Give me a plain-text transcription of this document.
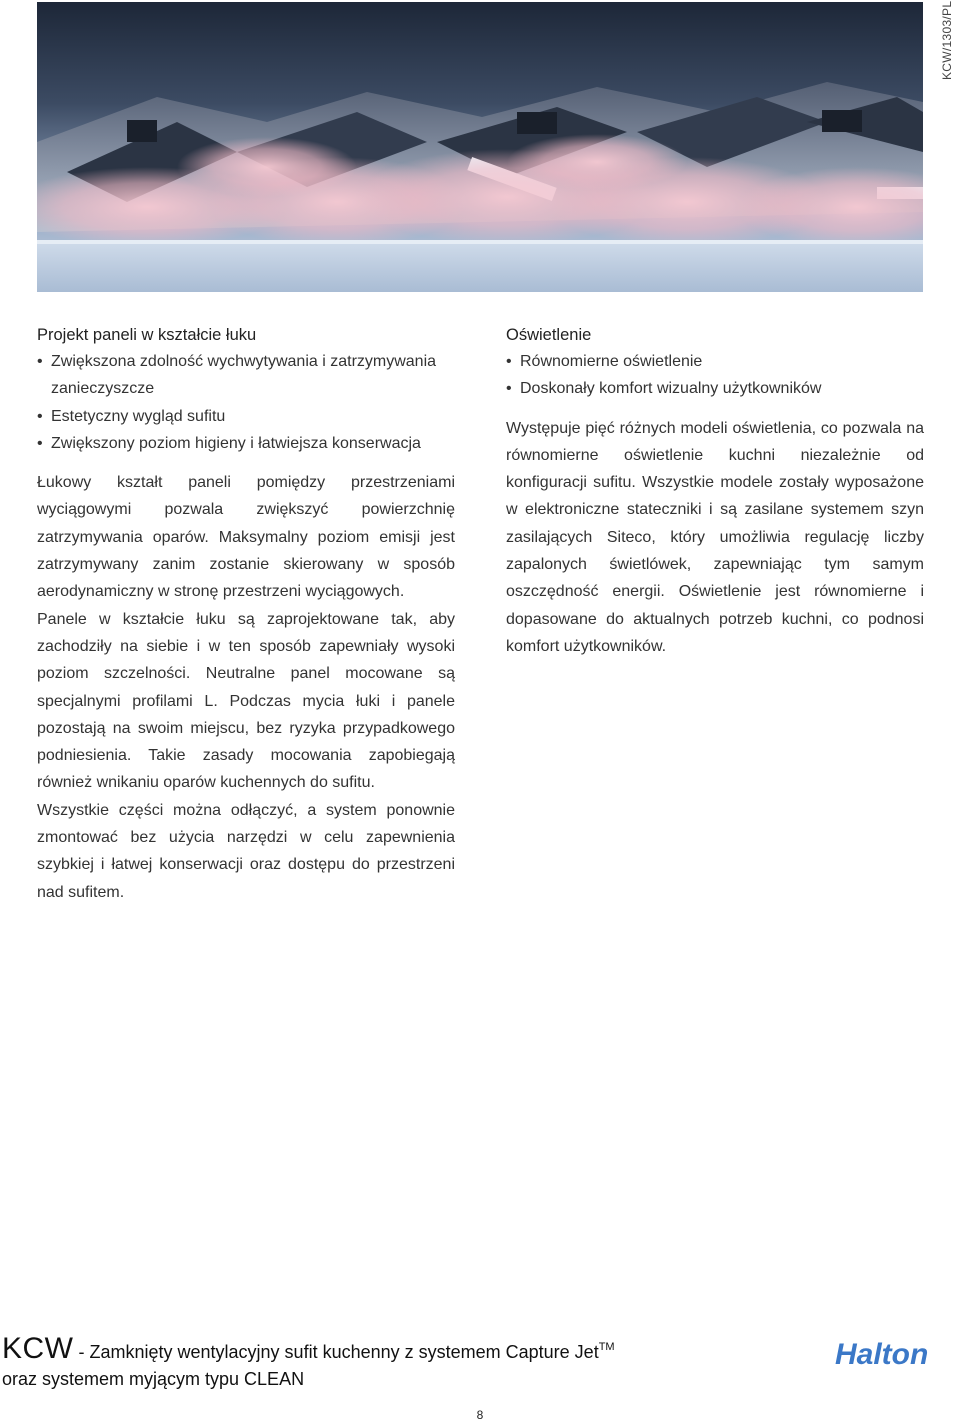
KCW/1303/PL
Projekt paneli w kształcie łuku
• Zwiększona zdolność wychwytywania i zatrzymywania zanieczyszcze
• Estetyczny wygląd sufitu
• Zwiększony poziom higieny i łatwiejsza konserwacja

Łukowy kształt paneli pomiędzy przestrzeniami wyciągowymi pozwala zwiększyć powierzchnię zatrzymywania oparów. Maksymalny poziom emisji jest zatrzymywany zanim zostanie skierowany w sposób aerodynamiczny w stronę przestrzeni wyciągowych.

Panele w kształcie łuku są zaprojektowane tak, aby zachodziły na siebie i w ten sposób zapewniały wysoki poziom szczelności. Neutralne panel mocowane są specjalnymi profilami L. Podczas mycia łuki i panele pozostają na swoim miejscu, bez ryzyka przypadkowego podniesienia. Takie zasady mocowania zapobiegają również wnikaniu oparów kuchennych do sufitu.

Wszystkie części można odłączyć, a system ponownie zmontować bez użycia narzędzi w celu zapewnienia szybkiej i łatwej konserwacji oraz dostępu do przestrzeni nad sufitem.

Oświetlenie
• Równomierne oświetlenie
• Doskonały komfort wizualny użytkowników

Występuje pięć różnych modeli oświetlenia, co pozwala na równomierne oświetlenie kuchni niezależnie od konfiguracji sufitu. Wszystkie modele zostały wyposażone w elektroniczne stateczniki i są zasilane systemem szyn zasilających Siteco, który umożliwia regulację liczby zapalonych świetlówek, zapewniając tym samym oszczędność energii. Oświetlenie jest równomierne i dopasowane do aktualnych potrzeb kuchni, co podnosi komfort użytkowników.

KCW - Zamknięty wentylacyjny sufit kuchenny z systemem Capture Jet™
oraz systemem myjącym typu CLEAN
Halton
8
